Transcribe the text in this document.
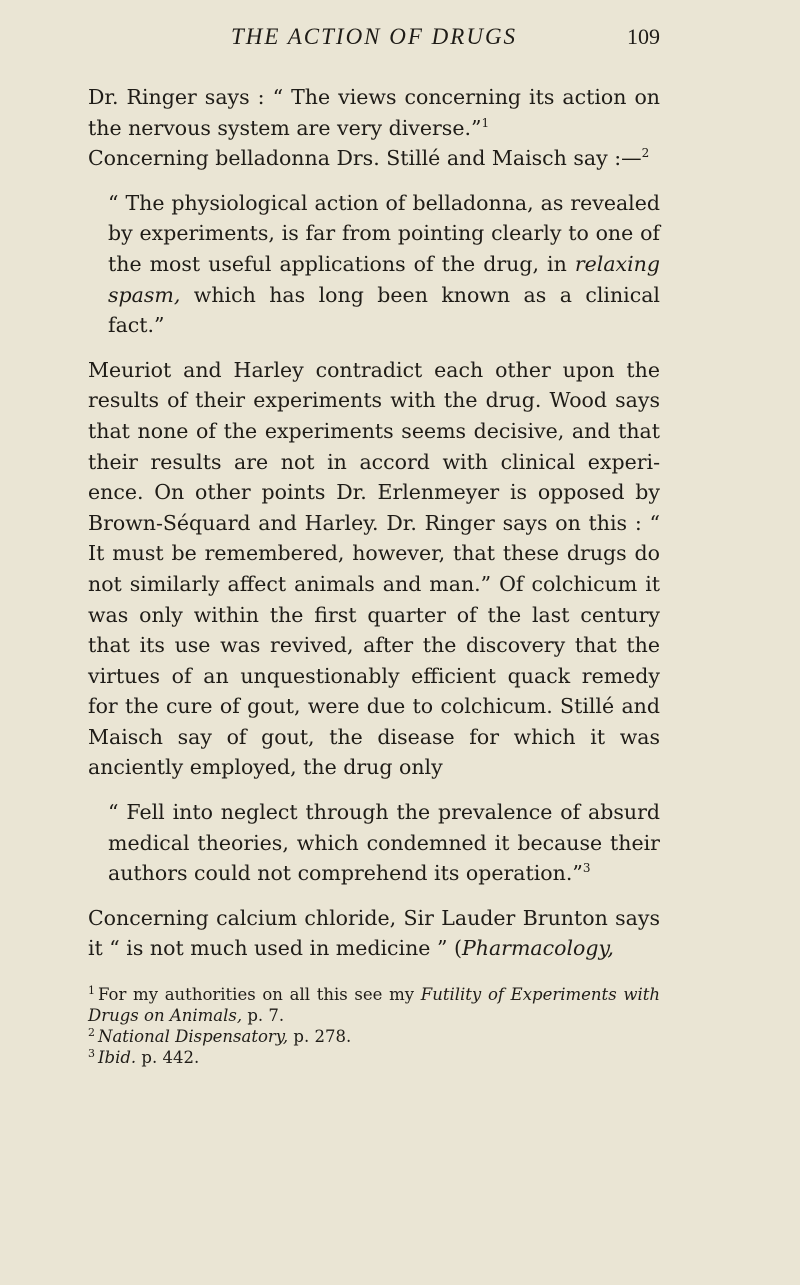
THE ACTION OF DRUGS	109

Dr. Ringer says : “ The views concerning its action on the nervous system are very diverse.”$^1$
Concerning belladonna Drs. Stillé and Maisch say :—$^2$

“ The physiological action of belladonna, as revealed by experiments, is far from pointing clearly to one of the most useful applications of the drug, in relaxing spasm, which has long been known as a clinical fact.”

Meuriot and Harley contradict each other upon the results of their experiments with the drug. Wood says that none of the experiments seems decisive, and that their results are not in accord with clinical experi- ence. On other points Dr. Erlenmeyer is opposed by Brown-Séquard and Harley. Dr. Ringer says on this : “ It must be remembered, however, that these drugs do not similarly affect animals and man.” Of colchicum it was only within the first quarter of the last century that its use was revived, after the discovery that the virtues of an unquestionably efficient quack remedy for the cure of gout, were due to colchicum. Stillé and Maisch say of gout, the disease for which it was anciently employed, the drug only

“ Fell into neglect through the prevalence of absurd medical theories, which condemned it because their authors could not comprehend its operation.”$^3$

Concerning calcium chloride, Sir Lauder Brunton says it “ is not much used in medicine ” (Pharmacology,

$^1$ For my authorities on all this see my Futility of Experiments with Drugs on Animals, p. 7.

$^2$ National Dispensatory, p. 278.

$^3$ Ibid. p. 442.
